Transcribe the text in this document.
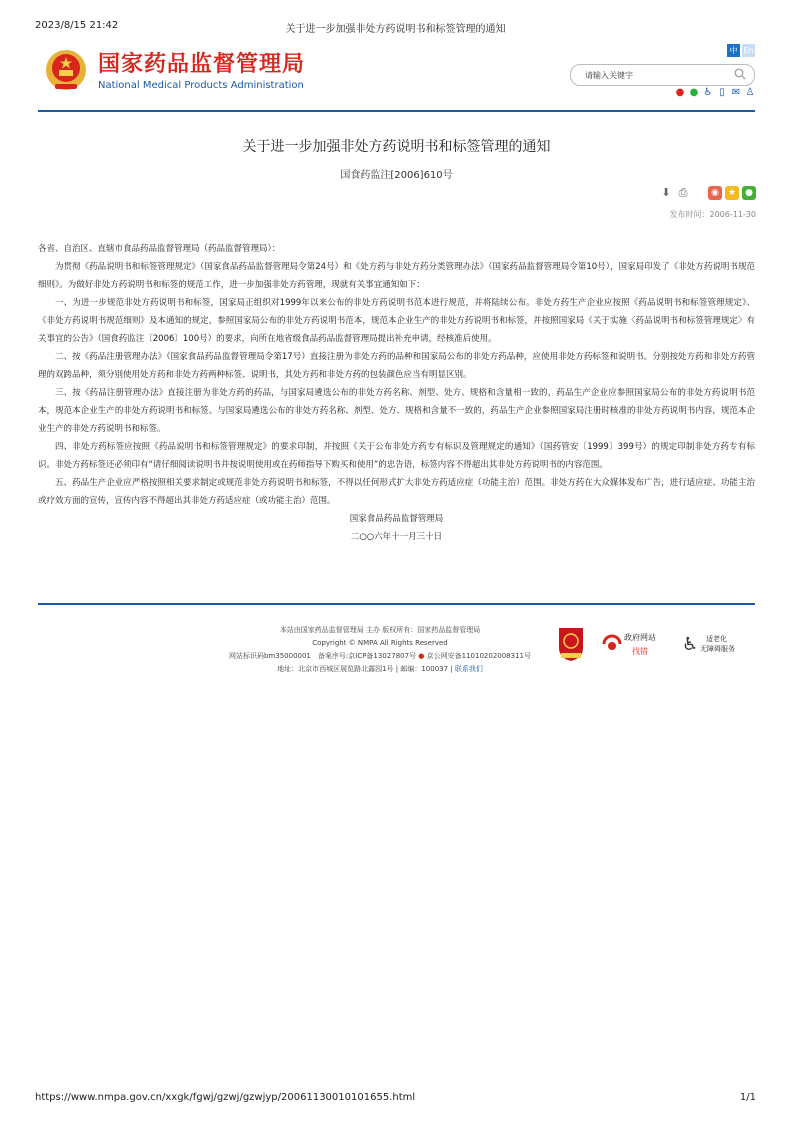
2023/8/15 21:42	关于进一步加强非处方药说明书和标签管理的通知
国家药品监督管理局
National Medical Products Administration
中 En
请输入关键字
● ● ♿ ▯ ✉ ♙
关于进一步加强非处方药说明书和标签管理的通知
国食药监注[2006]610号
⬇ ⎙	◉	★	●
发布时间：2006-11-30

各省、自治区、直辖市食品药品监督管理局（药品监督管理局）：

为贯彻《药品说明书和标签管理规定》（国家食品药品监督管理局令第24号）和《处方药与非处方药分类管理办法》（国家药品监督管理局令第10号），国家局印发了《非处方药说明书规范细则》。为做好非处方药说明书和标签的规范工作，进一步加强非处方药管理，现就有关事宜通知如下：

一、为进一步规范非处方药说明书和标签，国家局正组织对1999年以来公布的非处方药说明书范本进行规范，并将陆续公布。非处方药生产企业应按照《药品说明书和标签管理规定》、《非处方药说明书规范细则》及本通知的规定，参照国家局公布的非处方药说明书范本，规范本企业生产的非处方药说明书和标签，并按照国家局《关于实施〈药品说明书和标签管理规定〉有关事宜的公告》（国食药监注〔2006〕100号）的要求，向所在地省级食品药品监督管理局提出补充申请，经核准后使用。

二、按《药品注册管理办法》（国家食品药品监督管理局令第17号）直接注册为非处方药的品种和国家局公布的非处方药品种，应使用非处方药标签和说明书。分别按处方药和非处方药管理的双跨品种，须分别使用处方药和非处方药两种标签、说明书，其处方药和非处方药的包装颜色应当有明显区别。

三、按《药品注册管理办法》直接注册为非处方药的药品，与国家局遴选公布的非处方药名称、剂型、处方、规格和含量相一致的，药品生产企业应参照国家局公布的非处方药说明书范本，规范本企业生产的非处方药说明书和标签。与国家局遴选公布的非处方药名称、剂型、处方、规格和含量不一致的，药品生产企业参照国家局注册时核准的非处方药说明书内容，规范本企业生产的非处方药说明书和标签。

四、非处方药标签应按照《药品说明书和标签管理规定》的要求印制，并按照《关于公布非处方药专有标识及管理规定的通知》（国药管安〔1999〕399号）的规定印制非处方药专有标识。非处方药标签还必须印有“请仔细阅读说明书并按说明使用或在药师指导下购买和使用”的忠告语，标签内容不得超出其非处方药说明书的内容范围。

五、药品生产企业应严格按照相关要求制定或规范非处方药说明书和标签，不得以任何形式扩大非处方药适应症（功能主治）范围。非处方药在大众媒体发布广告，进行适应症、功能主治或疗效方面的宣传，宣传内容不得超出其非处方药适应症（或功能主治）范围。

国家食品药品监督管理局

二○○六年十一月三十日

本站由国家药品监督管理局 主办 版权所有：国家药品监督管理局
Copyright © NMPA All Rights Reserved
网站标识码bm35000001　备案序号:京ICP备13027807号 ● 京公网安备11010202008311号
地址：北京市西城区展览路北露园1号 | 邮编：100037 | 联系我们
政府网站
找错 ♿ 适老化
无障碍服务
https://www.nmpa.gov.cn/xxgk/fgwj/gzwj/gzwjyp/20061130010101655.html	1/1
